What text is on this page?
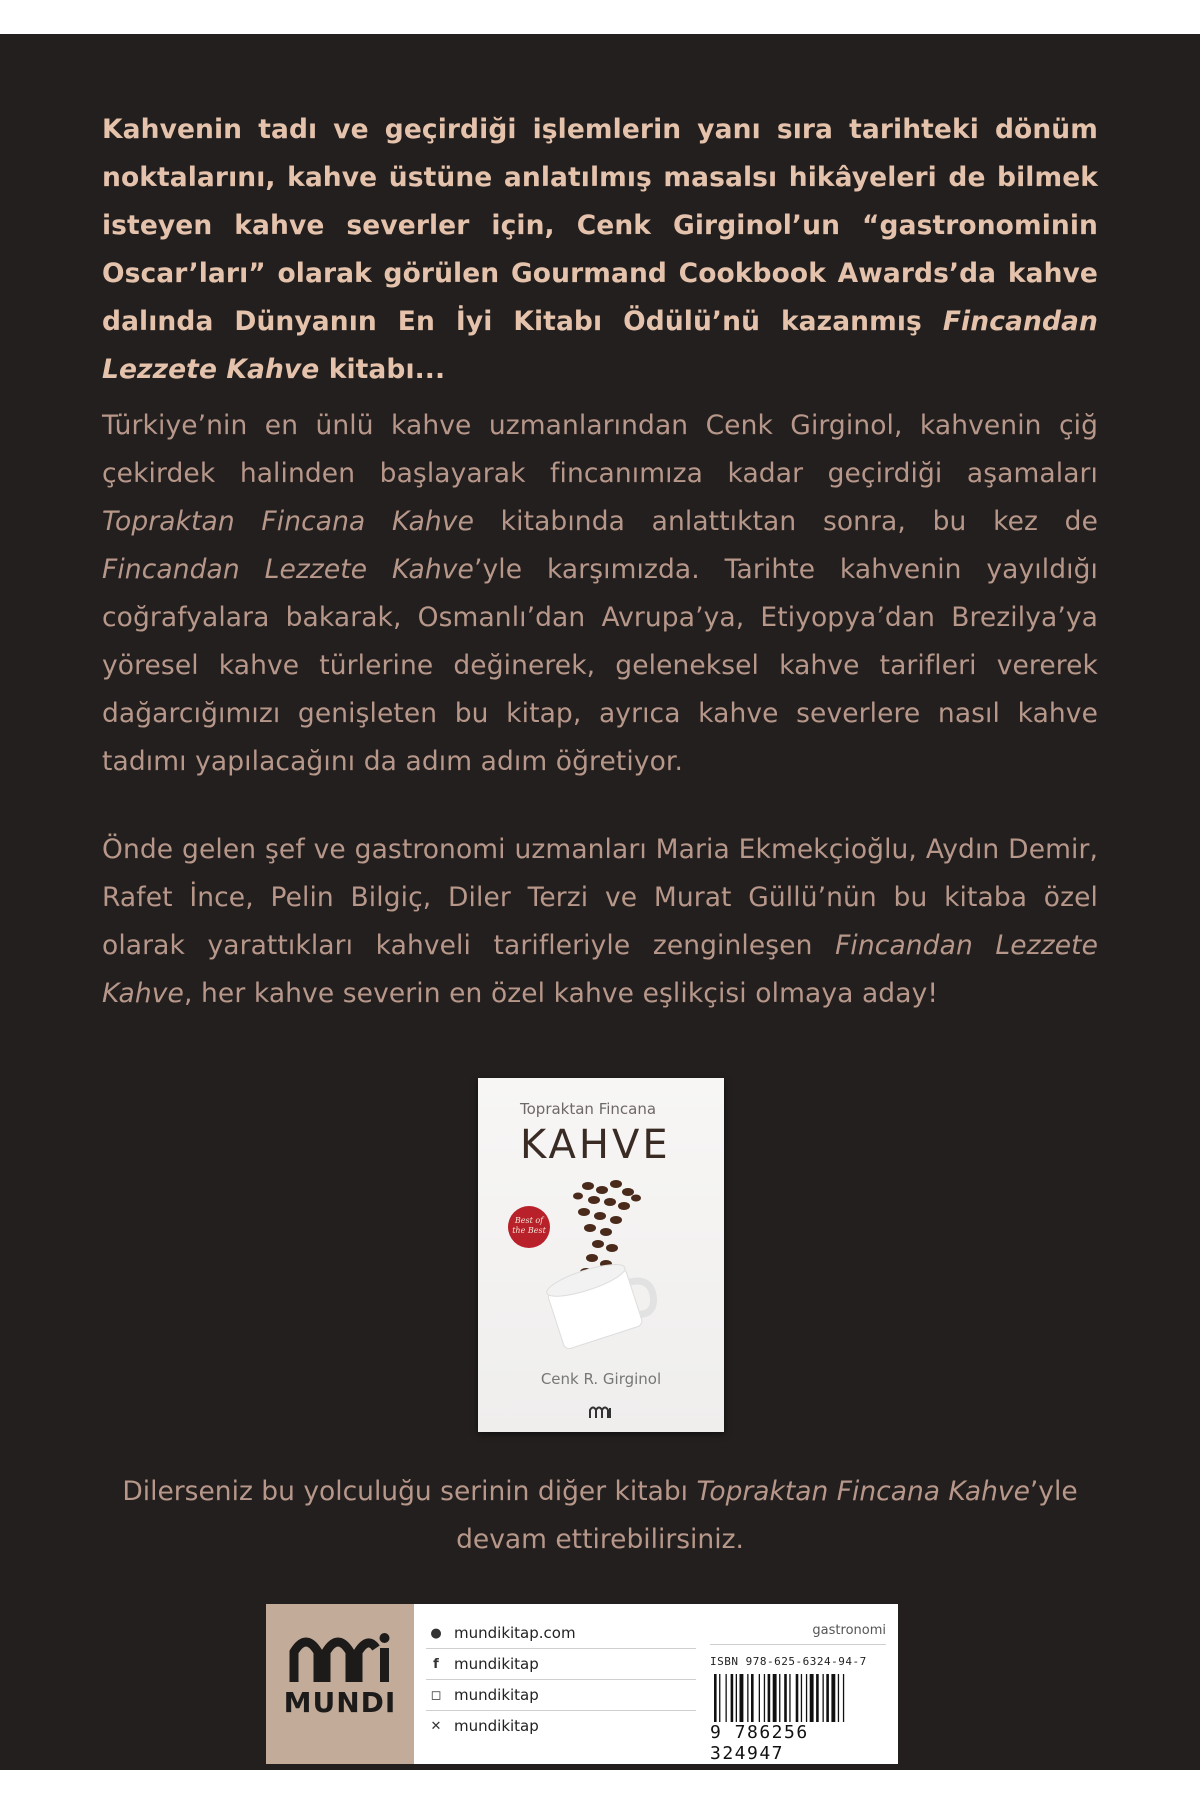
Kahvenin tadı ve geçirdiği işlemlerin yanı sıra tarihteki dönüm noktalarını, kahve üstüne anlatılmış masalsı hikâyeleri de bilmek isteyen kahve severler için, Cenk Girginol’un “gastronominin Oscar’ları” olarak görülen Gourmand Cookbook Awards’da kahve dalında Dünyanın En İyi Kitabı Ödülü’nü kazanmış Fincandan Lezzete Kahve kitabı...

Türkiye’nin en ünlü kahve uzmanlarından Cenk Girginol, kahvenin çiğ çekirdek halinden başlayarak fincanımıza kadar geçirdiği aşamaları Topraktan Fincana Kahve kitabında anlattıktan sonra, bu kez de Fincandan Lezzete Kahve’yle karşımızda. Tarihte kahvenin yayıldığı coğrafyalara bakarak, Osmanlı’dan Avrupa’ya, Etiyopya’dan Brezilya’ya yöresel kahve türlerine değinerek, geleneksel kahve tarifleri vererek dağarcığımızı genişleten bu kitap, ayrıca kahve severlere nasıl kahve tadımı yapılacağını da adım adım öğretiyor.

Önde gelen şef ve gastronomi uzmanları Maria Ekmekçioğlu, Aydın Demir, Rafet İnce, Pelin Bilgiç, Diler Terzi ve Murat Güllü’nün bu kitaba özel olarak yarattıkları kahveli tarifleriyle zenginleşen Fincandan Lezzete Kahve, her kahve severin en özel kahve eşlikçisi olmaya aday!

Topraktan Fincana
KAHVE
Best of the Best
Cenk R. Girginol

Dilerseniz bu yolculuğu serinin diğer kitabı Topraktan Fincana Kahve’yle devam ettirebilirsiniz.

MUNDI
● mundikitap.com
f	mundikitap
◻ mundikitap
✕ mundikitap
gastronomi
ISBN 978-625-6324-94-7
9 786256 324947
